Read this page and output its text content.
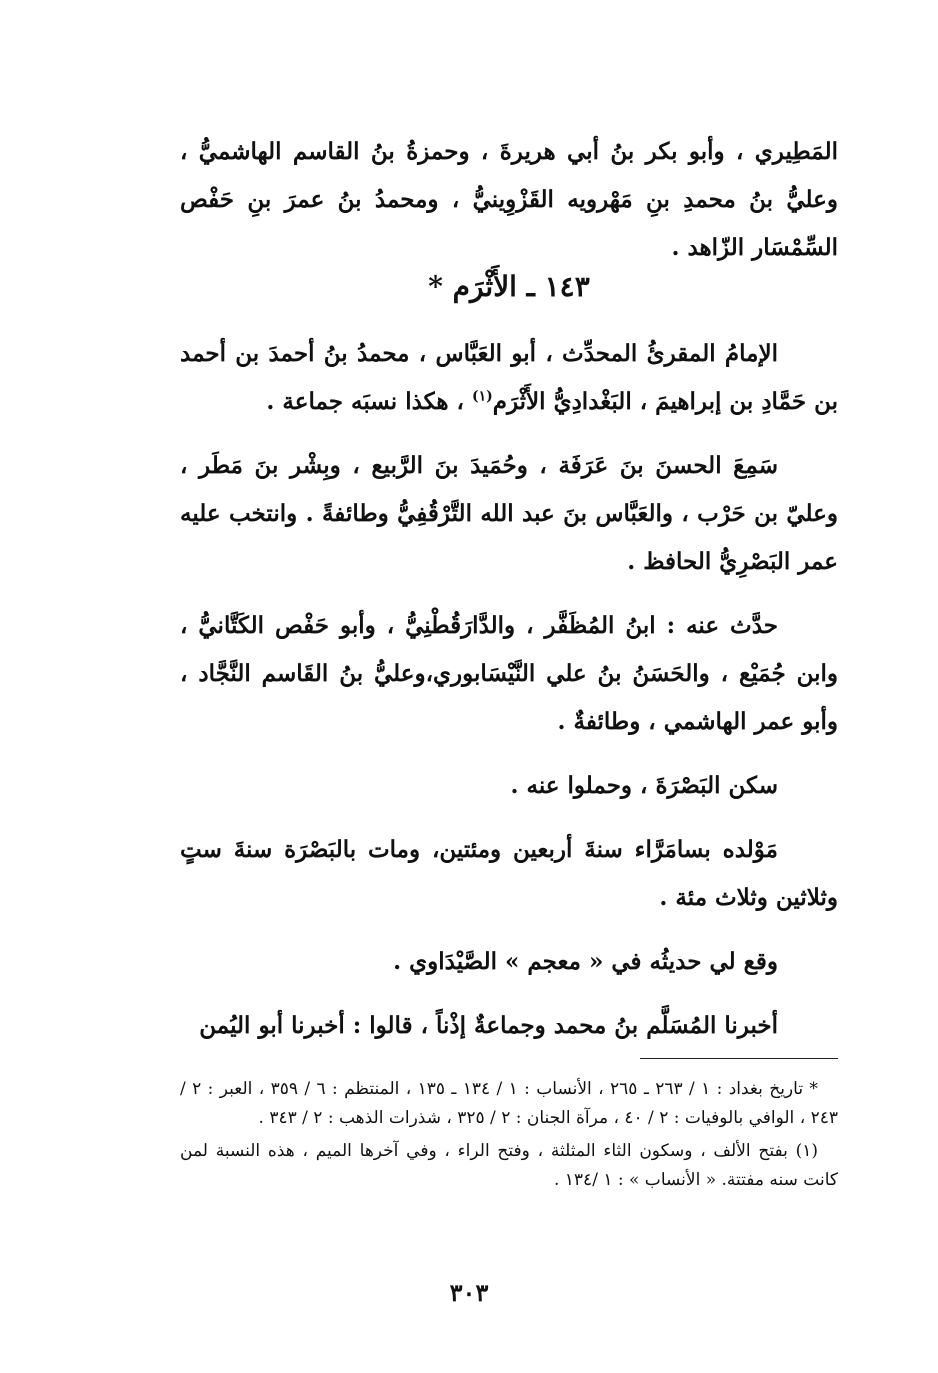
المَطِيري ، وأبو بكر بنُ أبي هريرةَ ، وحمزةُ بنُ القاسم الهاشميُّ ، وعليُّ بنُ محمدِ بنِ مَهْرويه القَزْوِينيُّ ، ومحمدُ بنُ عمرَ بنِ حَفْص السِّمْسَار الزّاهد .

١٤٣ ـ الأَثْرَم *

الإمامُ المقرئُ المحدِّث ، أبو العَبَّاس ، محمدُ بنُ أحمدَ بن أحمد بن حَمَّادِ بن إبراهيمَ ، البَغْدادِيُّ الأَثْرَم$^{(١)}$ ، هكذا نسبَه جماعة .

سَمِعَ الحسنَ بنَ عَرَفَة ، وحُمَيدَ بنَ الرَّبيع ، وبِشْر بنَ مَطَر ، وعليّ بن حَرْب ، والعَبَّاس بنَ عبد الله التَّرْقُفِيُّ وطائفةً . وانتخب عليه عمر البَصْرِيُّ الحافظ .

حدَّث عنه : ابنُ المُظَفَّر ، والدَّارَقُطْنِيُّ ، وأبو حَفْص الكَتَّانيُّ ، وابن جُمَيْع ، والحَسَنُ بنُ علي النَّيْسَابوري،وعليُّ بنُ القَاسم النَّجَّاد ، وأبو عمر الهاشمي ، وطائفةٌ .

سكن البَصْرَةَ ، وحملوا عنه .

مَوْلده بسامَرَّاء سنةَ أربعين ومئتين، ومات بالبَصْرَة سنةَ ستٍ وثلاثين وثلاث مئة .

وقع لي حديثُه في « معجم » الصَّيْدَاوي .

أخبرنا المُسَلَّم بنُ محمد وجماعةٌ إذْناً ، قالوا : أخبرنا أبو اليُمن

* تاريخ بغداد : ١ / ٢٦٣ ـ ٢٦٥ ، الأنساب : ١ / ١٣٤ ـ ١٣٥ ، المنتظم : ٦ / ٣٥٩ ، العبر : ٢ / ٢٤٣ ، الوافي بالوفيات : ٢ / ٤٠ ، مرآة الجنان : ٢ / ٣٢٥ ، شذرات الذهب : ٢ / ٣٤٣ .

(١) بفتح الألف ، وسكون الثاء المثلثة ، وفتح الراء ، وفي آخرها الميم ، هذه النسبة لمن كانت سنه مفتتة. « الأنساب » : ١ /١٣٤ .

٣٠٣
